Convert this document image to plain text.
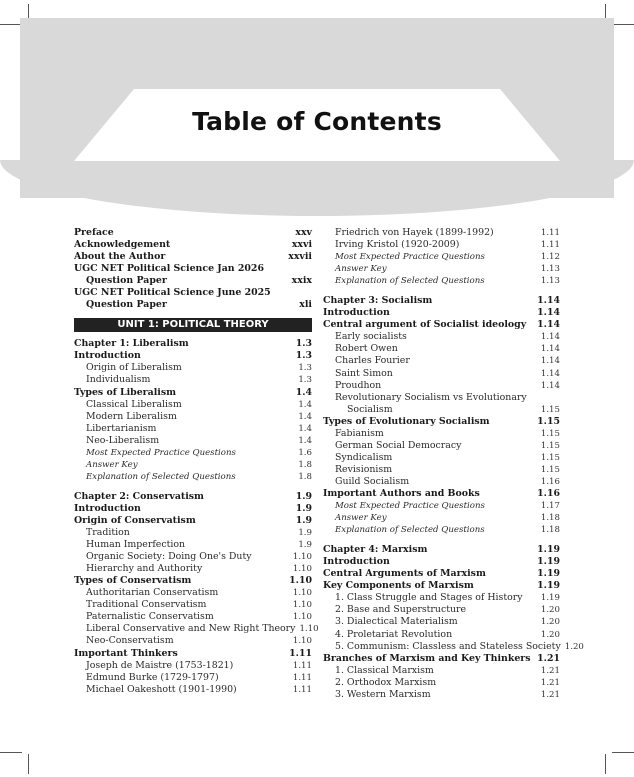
Table of Contents
Preface	xxv
Acknowledgement	xxvi
About the Author	xxvii
UGC NET Political Science Jan 2026
Question Paper	xxix
UGC NET Political Science June 2025
Question Paper	xli
UNIT 1: POLITICAL THEORY
Chapter 1: Liberalism	1.3
Introduction	1.3
Origin of Liberalism	1.3
Individualism	1.3
Types of Liberalism	1.4
Classical Liberalism	1.4
Modern Liberalism	1.4
Libertarianism	1.4
Neo-Liberalism	1.4
Most Expected Practice Questions	1.6
Answer Key	1.8
Explanation of Selected Questions	1.8
Chapter 2: Conservatism	1.9
Introduction	1.9
Origin of Conservatism	1.9
Tradition	1.9
Human Imperfection	1.9
Organic Society: Doing One's Duty	1.10
Hierarchy and Authority	1.10
Types of Conservatism	1.10
Authoritarian Conservatism	1.10
Traditional Conservatism	1.10
Paternalistic Conservatism	1.10
Liberal Conservative and New Right Theory 1.10
Neo-Conservatism	1.10
Important Thinkers	1.11
Joseph de Maistre (1753-1821)	1.11
Edmund Burke (1729-1797)	1.11
Michael Oakeshott (1901-1990)	1.11
Friedrich von Hayek (1899-1992)	1.11
Irving Kristol (1920-2009)	1.11
Most Expected Practice Questions	1.12
Answer Key	1.13
Explanation of Selected Questions	1.13
Chapter 3: Socialism	1.14
Introduction	1.14
Central argument of Socialist ideology	1.14
Early socialists	1.14
Robert Owen	1.14
Charles Fourier	1.14
Saint Simon	1.14
Proudhon	1.14
Revolutionary Socialism vs Evolutionary
Socialism	1.15
Types of Evolutionary Socialism	1.15
Fabianism	1.15
German Social Democracy	1.15
Syndicalism	1.15
Revisionism	1.15
Guild Socialism	1.16
Important Authors and Books	1.16
Most Expected Practice Questions	1.17
Answer Key	1.18
Explanation of Selected Questions	1.18
Chapter 4: Marxism	1.19
Introduction	1.19
Central Arguments of Marxism	1.19
Key Components of Marxism	1.19
1. Class Struggle and Stages of History	1.19
2. Base and Superstructure	1.20
3. Dialectical Materialism	1.20
4. Proletariat Revolution	1.20
5. Communism: Classless and Stateless Society 1.20
Branches of Marxism and Key Thinkers 1.21
1. Classical Marxism	1.21
2. Orthodox Marxism	1.21
3. Western Marxism	1.21
